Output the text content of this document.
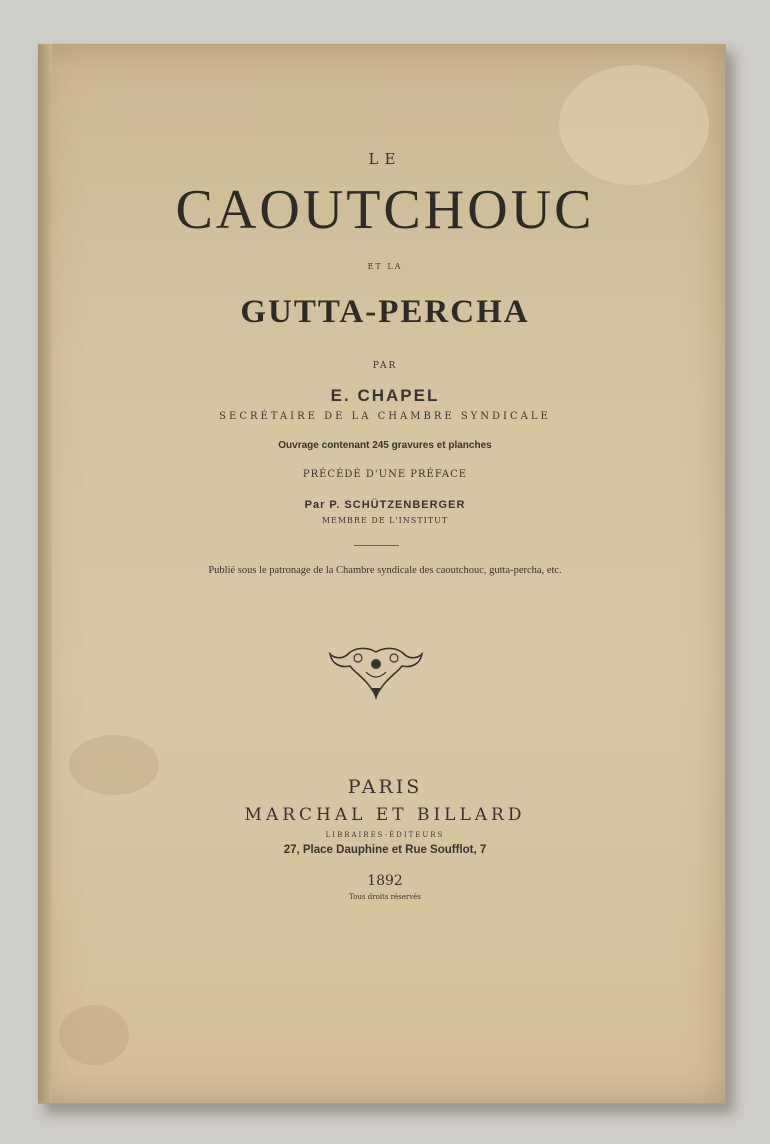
LE
CAOUTCHOUC
ET LA
GUTTA-PERCHA
PAR
E. CHAPEL
SECRÉTAIRE DE LA CHAMBRE SYNDICALE
Ouvrage contenant 245 gravures et planches
PRÉCÉDÉ D'UNE PRÉFACE
Par P. SCHÜTZENBERGER
MEMBRE DE L'INSTITUT
Publié sous le patronage de la Chambre syndicale des caoutchouc, gutta-percha, etc.
PARIS
MARCHAL ET BILLARD
LIBRAIRES-ÉDITEURS
27, Place Dauphine et Rue Soufflot, 7
1892
Tous droits réservés
